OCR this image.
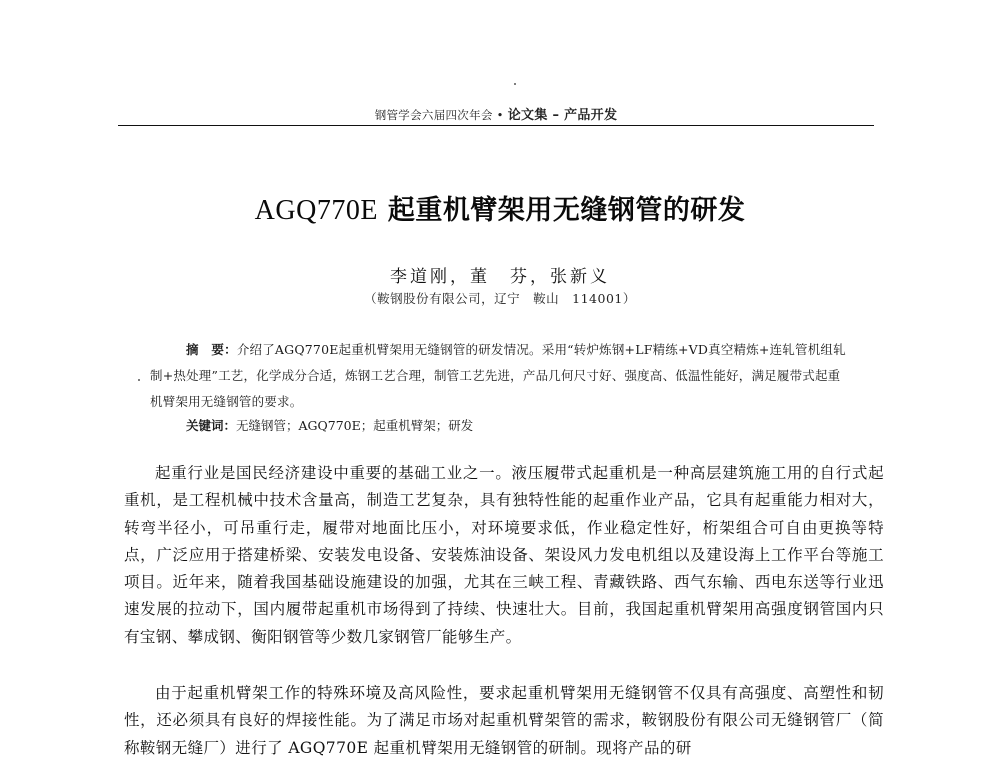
钢管学会六届四次年会 • 论文集 – 产品开发
AGQ770E 起重机臂架用无缝钢管的研发
李道刚，董　芬，张新义
（鞍钢股份有限公司，辽宁　鞍山　114001）
摘　要：介绍了AGQ770E起重机臂架用无缝钢管的研发情况。采用“转炉炼钢+LF精练+VD真空精炼+连轧管机组轧制+热处理”工艺，化学成分合适，炼钢工艺合理，制管工艺先进，产品几何尺寸好、强度高、低温性能好，满足履带式起重机臂架用无缝钢管的要求。
关键词：无缝钢管；AGQ770E；起重机臂架；研发
起重行业是国民经济建设中重要的基础工业之一。液压履带式起重机是一种高层建筑施工用的自行式起重机，是工程机械中技术含量高，制造工艺复杂，具有独特性能的起重作业产品，它具有起重能力相对大，转弯半径小，可吊重行走，履带对地面比压小，对环境要求低，作业稳定性好，桁架组合可自由更换等特点，广泛应用于搭建桥梁、安装发电设备、安装炼油设备、架设风力发电机组以及建设海上工作平台等施工项目。近年来，随着我国基础设施建设的加强，尤其在三峡工程、青藏铁路、西气东输、西电东送等行业迅速发展的拉动下，国内履带起重机市场得到了持续、快速壮大。目前，我国起重机臂架用高强度钢管国内只有宝钢、攀成钢、衡阳钢管等少数几家钢管厂能够生产。
由于起重机臂架工作的特殊环境及高风险性，要求起重机臂架用无缝钢管不仅具有高强度、高塑性和韧性，还必须具有良好的焊接性能。为了满足市场对起重机臂架管的需求，鞍钢股份有限公司无缝钢管厂（简称鞍钢无缝厂）进行了 AGQ770E 起重机臂架用无缝钢管的研制。现将产品的研
